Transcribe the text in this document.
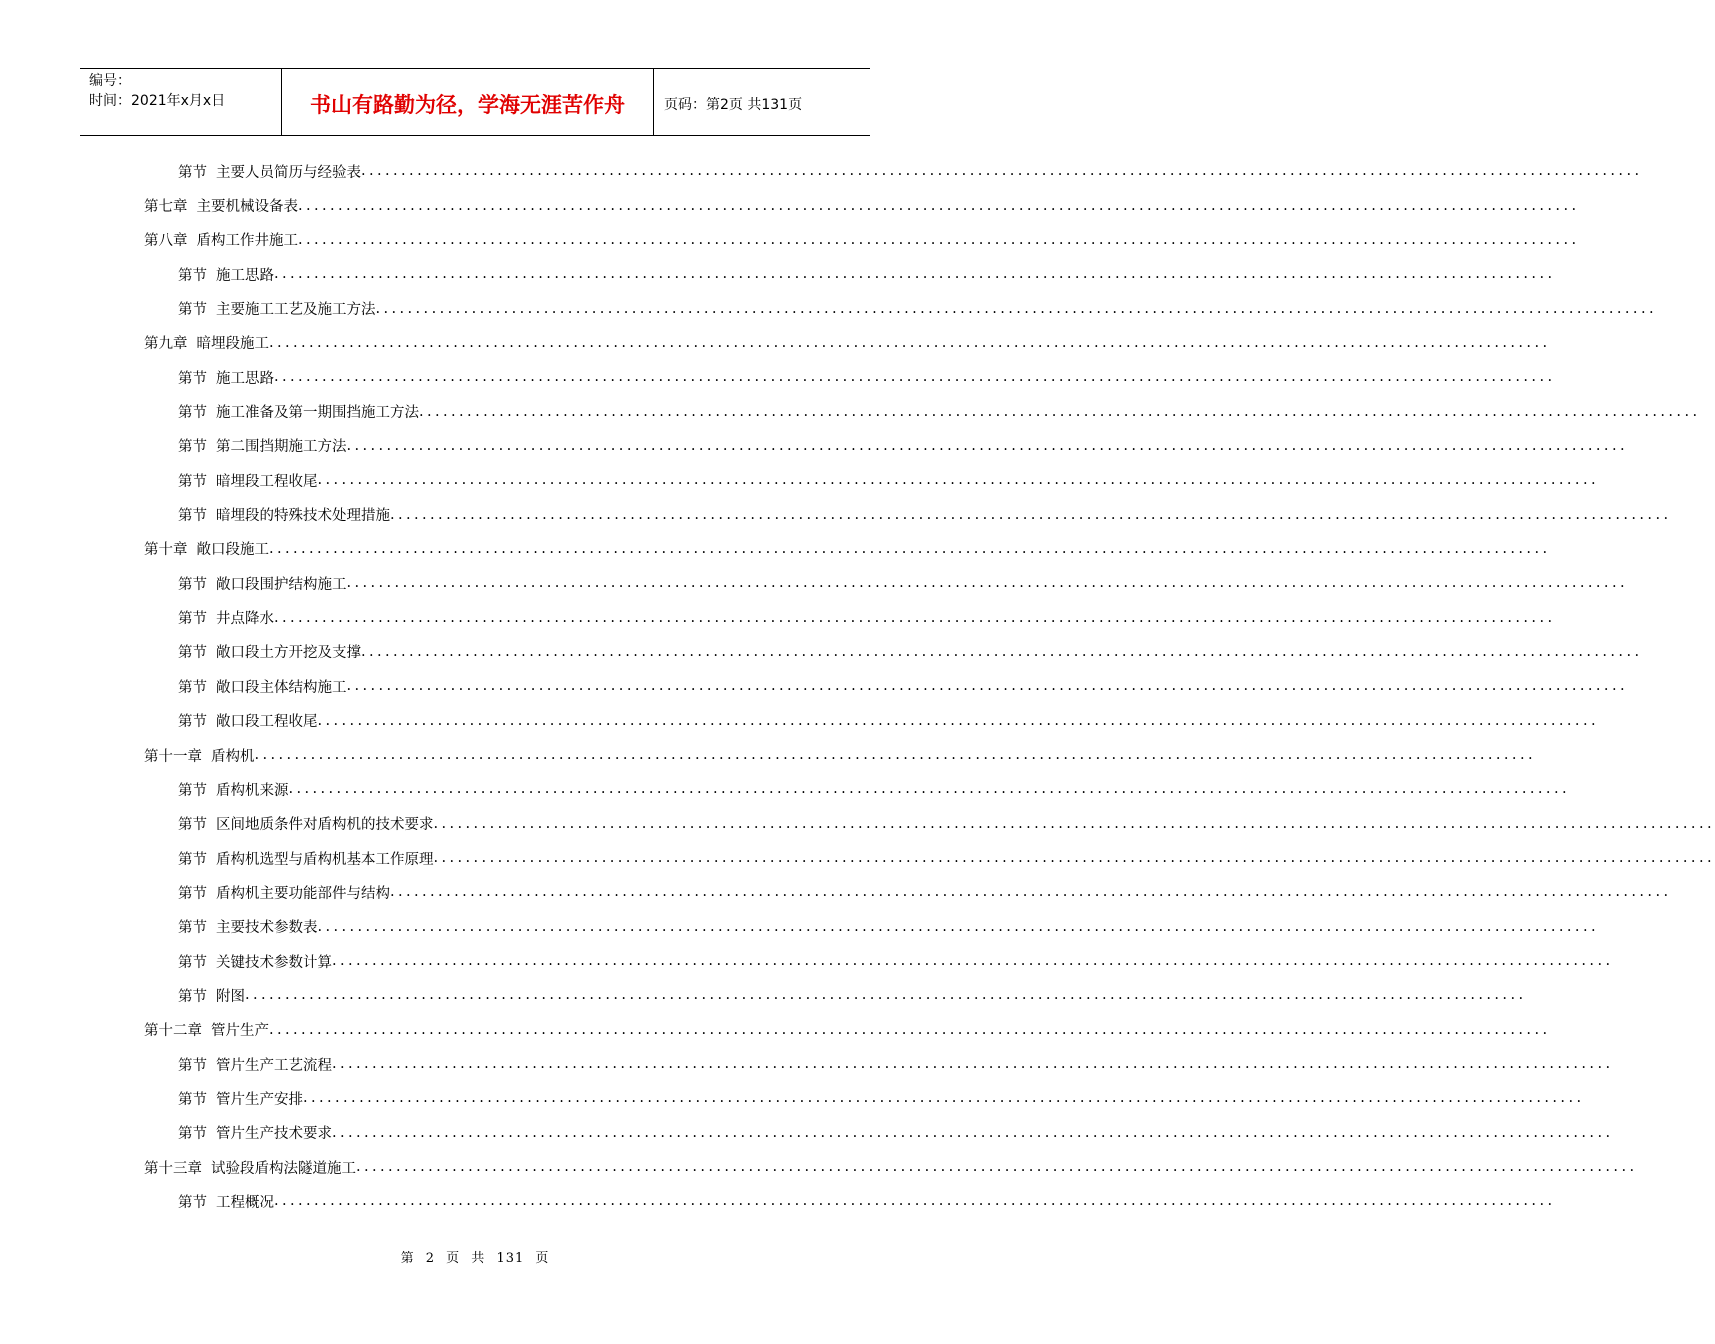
编号：
时间：2021年x月x日	书山有路勤为径，学海无涯苦作舟	页码：第2页 共131页
第节 主要人员简历与经验表 ................................................................................................................................................................
第七章 主要机械设备表 ................................................................................................................................................................
第八章 盾构工作井施工 ................................................................................................................................................................
第节 施工思路 ................................................................................................................................................................
第节 主要施工工艺及施工方法 ................................................................................................................................................................
第九章 暗埋段施工 ................................................................................................................................................................
第节 施工思路 ................................................................................................................................................................
第节 施工准备及第一期围挡施工方法 ................................................................................................................................................................
第节 第二围挡期施工方法 ................................................................................................................................................................
第节 暗埋段工程收尾 ................................................................................................................................................................
第节 暗埋段的特殊技术处理措施 ................................................................................................................................................................
第十章 敞口段施工 ................................................................................................................................................................
第节 敞口段围护结构施工 ................................................................................................................................................................
第节 井点降水 ................................................................................................................................................................
第节 敞口段土方开挖及支撑 ................................................................................................................................................................
第节 敞口段主体结构施工 ................................................................................................................................................................
第节 敞口段工程收尾 ................................................................................................................................................................
第十一章 盾构机 ................................................................................................................................................................
第节 盾构机来源 ................................................................................................................................................................
第节 区间地质条件对盾构机的技术要求 ................................................................................................................................................................
第节 盾构机选型与盾构机基本工作原理 ................................................................................................................................................................
第节 盾构机主要功能部件与结构 ................................................................................................................................................................
第节 主要技术参数表 ................................................................................................................................................................
第节 关键技术参数计算 ................................................................................................................................................................
第节 附图 ................................................................................................................................................................
第十二章 管片生产 ................................................................................................................................................................
第节 管片生产工艺流程 ................................................................................................................................................................
第节 管片生产安排 ................................................................................................................................................................
第节 管片生产技术要求 ................................................................................................................................................................
第十三章 试验段盾构法隧道施工 ................................................................................................................................................................
第节 工程概况 ................................................................................................................................................................
第 2 页 共 131 页
